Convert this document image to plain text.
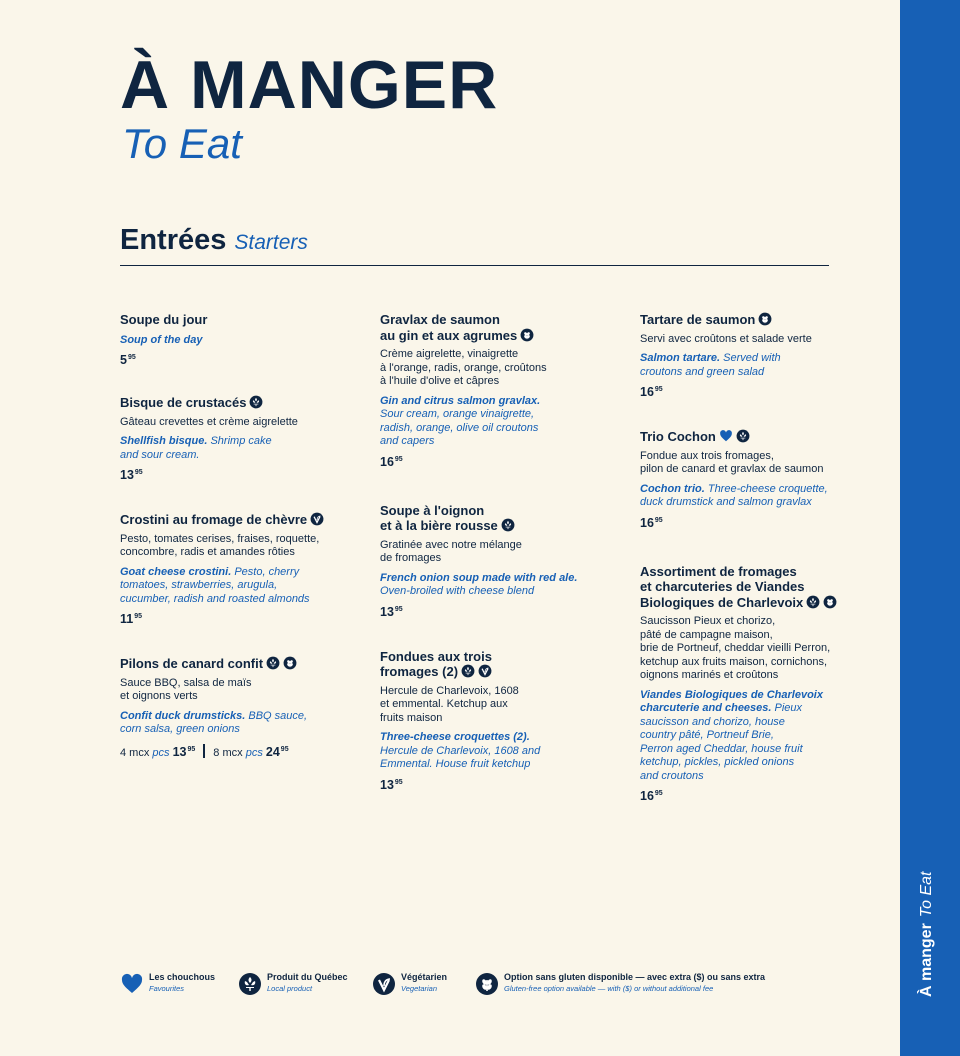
À mangerTo Eat
À MANGER
To Eat
Entrées Starters
Soupe du jour
Soup of the day
$5^{95}$
Bisque de crustacés
Gâteau crevettes et crème aigrelette
Shellfish bisque. Shrimp cake
and sour cream.
$13^{95}$
Crostini au fromage de chèvre
Pesto, tomates cerises, fraises, roquette,
concombre, radis et amandes rôties
Goat cheese crostini. Pesto, cherry
tomatoes, strawberries, arugula,
cucumber, radish and roasted almonds
$11^{95}$
Pilons de canard confit
Sauce BBQ, salsa de maïs
et oignons verts
Confit duck drumsticks. BBQ sauce,
corn salsa, green onions
4 mcx pcs $13^{95}$ 8 mcx pcs $24^{95}$
Gravlax de saumon
au gin et aux agrumes
Crème aigrelette, vinaigrette
à l'orange, radis, orange, croûtons
à l'huile d'olive et câpres
Gin and citrus salmon gravlax.
Sour cream, orange vinaigrette,
radish, orange, olive oil croutons
and capers
$16^{95}$
Soupe à l'oignon
et à la bière rousse
Gratinée avec notre mélange
de fromages
French onion soup made with red ale.
Oven-broiled with cheese blend
$13^{95}$
Fondues aux trois
fromages (2)
Hercule de Charlevoix, 1608
et emmental. Ketchup aux
fruits maison
Three-cheese croquettes (2).
Hercule de Charlevoix, 1608 and
Emmental. House fruit ketchup
$13^{95}$
Tartare de saumon
Servi avec croûtons et salade verte
Salmon tartare. Served with
croutons and green salad
$16^{95}$
Trio Cochon
Fondue aux trois fromages,
pilon de canard et gravlax de saumon
Cochon trio. Three-cheese croquette,
duck drumstick and salmon gravlax
$16^{95}$
Assortiment de fromages
et charcuteries de Viandes
Biologiques de Charlevoix
Saucisson Pieux et chorizo,
pâté de campagne maison,
brie de Portneuf, cheddar vieilli Perron,
ketchup aux fruits maison, cornichons,
oignons marinés et croûtons
Viandes Biologiques de Charlevoix
charcuterie and cheeses. Pieux
saucisson and chorizo, house
country pâté, Portneuf Brie,
Perron aged Cheddar, house fruit
ketchup, pickles, pickled onions
and croutons
$16^{95}$
Les chouchous
Favourites
Produit du Québec
Local product
Végétarien
Vegetarian
Option sans gluten disponible — avec extra ($) ou sans extra
Gluten-free option available — with ($) or without additional fee
